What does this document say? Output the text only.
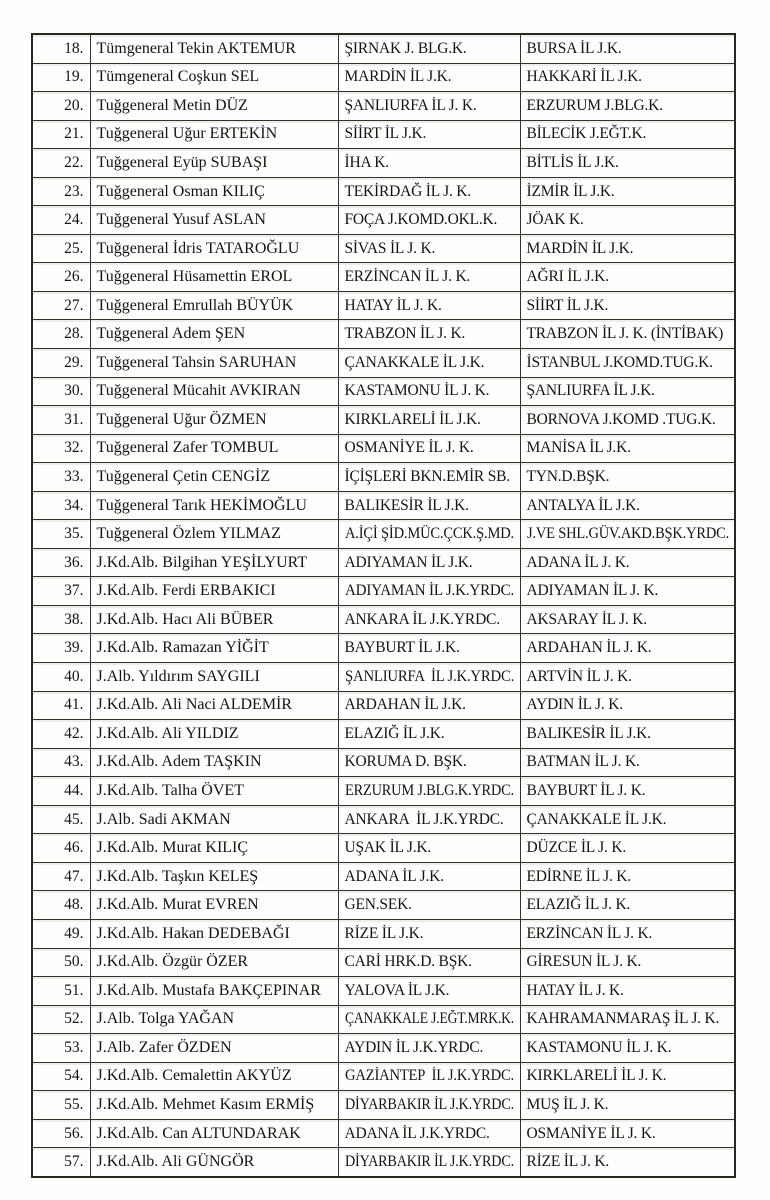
18.	Tümgeneral Tekin AKTEMUR	ŞIRNAK J. BLG.K.	BURSA İL J.K.
19.	Tümgeneral Coşkun SEL	MARDİN İL J.K.	HAKKARİ İL J.K.
20.	Tuğgeneral Metin DÜZ	ŞANLIURFA İL J. K.	ERZURUM J.BLG.K.
21.	Tuğgeneral Uğur ERTEKİN	SİİRT İL J.K.	BİLECİK J.EĞT.K.
22.	Tuğgeneral Eyüp SUBAŞI	İHA K.	BİTLİS İL J.K.
23.	Tuğgeneral Osman KILIÇ	TEKİRDAĞ İL J. K.	İZMİR İL J.K.
24.	Tuğgeneral Yusuf ASLAN	FOÇA J.KOMD.OKL.K.	JÖAK K.
25.	Tuğgeneral İdris TATAROĞLU	SİVAS İL J. K.	MARDİN İL J.K.
26.	Tuğgeneral Hüsamettin EROL	ERZİNCAN İL J. K.	AĞRI İL J.K.
27.	Tuğgeneral Emrullah BÜYÜK	HATAY İL J. K.	SİİRT İL J.K.
28.	Tuğgeneral Adem ŞEN	TRABZON İL J. K.	TRABZON İL J. K. (İNTİBAK)
29.	Tuğgeneral Tahsin SARUHAN	ÇANAKKALE İL J.K.	İSTANBUL J.KOMD.TUG.K.
30.	Tuğgeneral Mücahit AVKIRAN	KASTAMONU İL J. K.	ŞANLIURFA İL J.K.
31.	Tuğgeneral Uğur ÖZMEN	KIRKLARELİ İL J.K.	BORNOVA J.KOMD .TUG.K.
32.	Tuğgeneral Zafer TOMBUL	OSMANİYE İL J. K.	MANİSA İL J.K.
33.	Tuğgeneral Çetin CENGİZ	İÇİŞLERİ BKN.EMİR SB.	TYN.D.BŞK.
34.	Tuğgeneral Tarık HEKİMOĞLU	BALIKESİR İL J.K.	ANTALYA İL J.K.
35.	Tuğgeneral Özlem YILMAZ	A.İÇİ ŞİD.MÜC.ÇCK.Ş.MD.	J.VE SHL.GÜV.AKD.BŞK.YRDC.
36.	J.Kd.Alb. Bilgihan YEŞİLYURT	ADIYAMAN İL J.K.	ADANA İL J. K.
37.	J.Kd.Alb. Ferdi ERBAKICI	ADIYAMAN İL J.K.YRDC.	ADIYAMAN İL J. K.
38.	J.Kd.Alb. Hacı Ali BÜBER	ANKARA İL J.K.YRDC.	AKSARAY İL J. K.
39.	J.Kd.Alb. Ramazan YİĞİT	BAYBURT İL J.K.	ARDAHAN İL J. K.
40.	J.Alb. Yıldırım SAYGILI	ŞANLIURFA  İL J.K.YRDC.	ARTVİN İL J. K.
41.	J.Kd.Alb. Ali Naci ALDEMİR	ARDAHAN İL J.K.	AYDIN İL J. K.
42.	J.Kd.Alb. Ali YILDIZ	ELAZIĞ İL J.K.	BALIKESİR İL J.K.
43.	J.Kd.Alb. Adem TAŞKIN	KORUMA D. BŞK.	BATMAN İL J. K.
44.	J.Kd.Alb. Talha ÖVET	ERZURUM J.BLG.K.YRDC.	BAYBURT İL J. K.
45.	J.Alb. Sadi AKMAN	ANKARA  İL J.K.YRDC.	ÇANAKKALE İL J.K.
46.	J.Kd.Alb. Murat KILIÇ	UŞAK İL J.K.	DÜZCE İL J. K.
47.	J.Kd.Alb. Taşkın KELEŞ	ADANA İL J.K.	EDİRNE İL J. K.
48.	J.Kd.Alb. Murat EVREN	GEN.SEK.	ELAZIĞ İL J. K.
49.	J.Kd.Alb. Hakan DEDEBAĞI	RİZE İL J.K.	ERZİNCAN İL J. K.
50.	J.Kd.Alb. Özgür ÖZER	CARİ HRK.D. BŞK.	GİRESUN İL J. K.
51.	J.Kd.Alb. Mustafa BAKÇEPINAR	YALOVA İL J.K.	HATAY İL J. K.
52.	J.Alb. Tolga YAĞAN	ÇANAKKALE J.EĞT.MRK.K.	KAHRAMANMARAŞ İL J. K.
53.	J.Alb. Zafer ÖZDEN	AYDIN İL J.K.YRDC.	KASTAMONU İL J. K.
54.	J.Kd.Alb. Cemalettin AKYÜZ	GAZİANTEP  İL J.K.YRDC.	KIRKLARELİ İL J. K.
55.	J.Kd.Alb. Mehmet Kasım ERMİŞ	DİYARBAKIR İL J.K.YRDC.	MUŞ İL J. K.
56.	J.Kd.Alb. Can ALTUNDARAK	ADANA İL J.K.YRDC.	OSMANİYE İL J. K.
57.	J.Kd.Alb. Ali GÜNGÖR	DİYARBAKIR İL J.K.YRDC.	RİZE İL J. K.
